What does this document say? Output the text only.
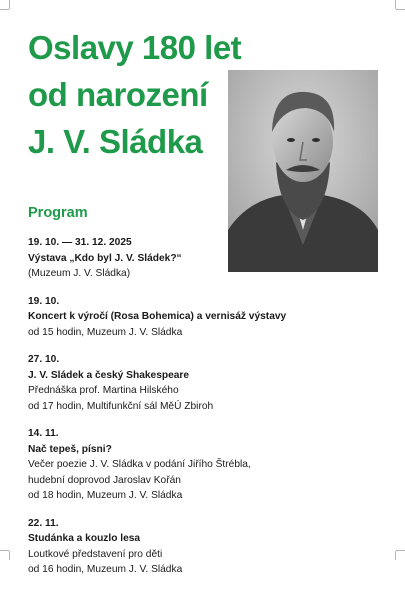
Oslavy 180 let
od narození
J. V. Sládka
Program
19. 10. — 31. 12. 2025
Výstava „Kdo byl J. V. Sládek?“
(Muzeum J. V. Sládka)
19. 10.
Koncert k výročí (Rosa Bohemica) a vernisáž výstavy
od 15 hodin, Muzeum J. V. Sládka
27. 10.
J. V. Sládek a český Shakespeare
Přednáška prof. Martina Hilského
od 17 hodin, Multifunkční sál MěÚ Zbiroh
14. 11.
Nač tepeš, písni?
Večer poezie J. V. Sládka v podání Jiřího Štrébla,
hudební doprovod Jaroslav Kořán
od 18 hodin, Muzeum J. V. Sládka
22. 11.
Studánka a kouzlo lesa
Loutkové představení pro děti
od 16 hodin, Muzeum J. V. Sládka
